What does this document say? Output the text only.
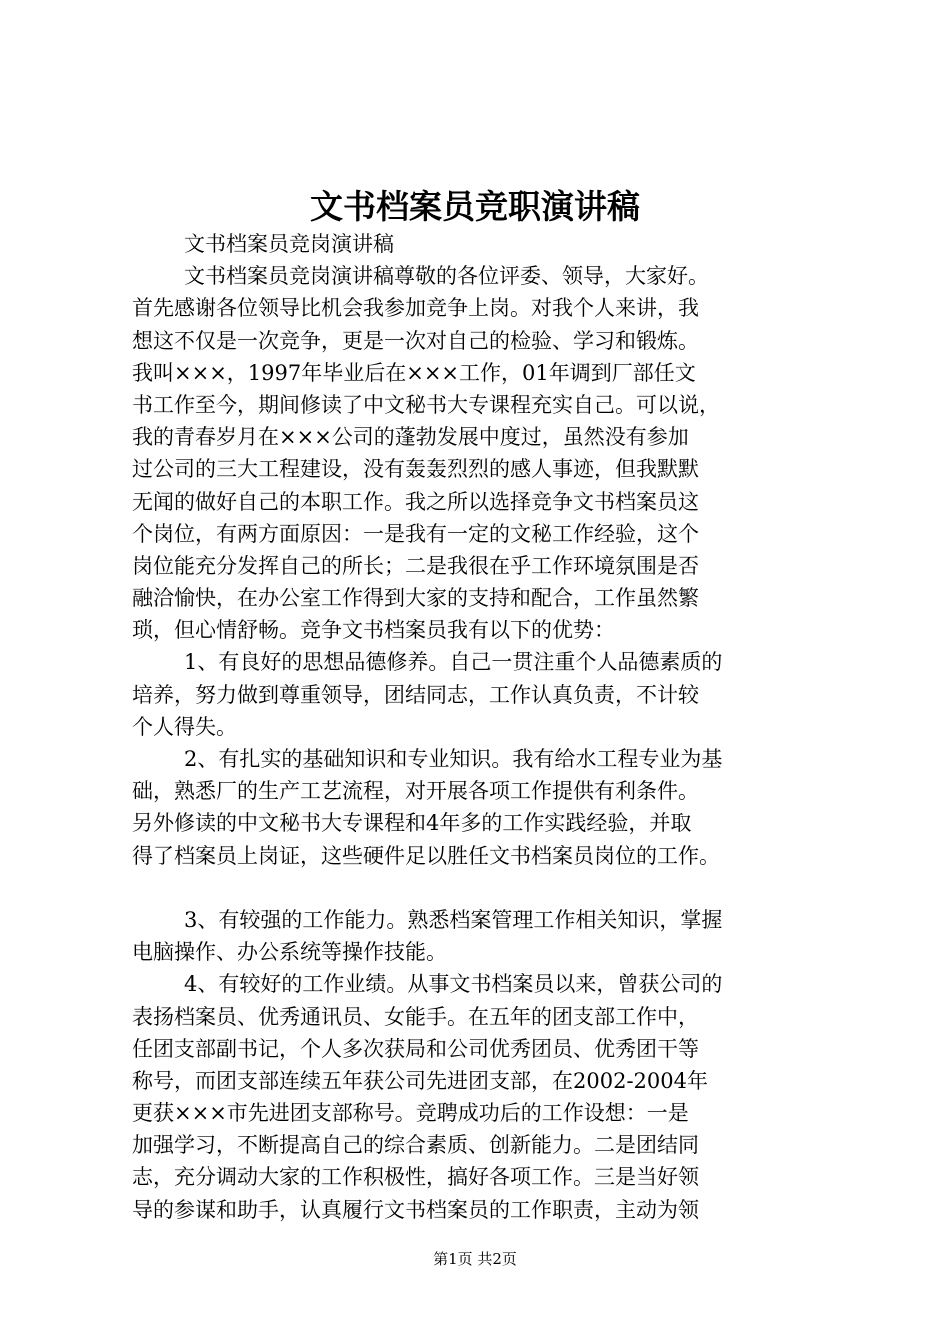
文书档案员竞职演讲稿
文书档案员竞岗演讲稿
文书档案员竞岗演讲稿尊敬的各位评委、领导，大家好。
首先感谢各位领导比机会我参加竞争上岗。对我个人来讲，我
想这不仅是一次竞争，更是一次对自己的检验、学习和锻炼。
我叫×××，1997年毕业后在×××工作，01年调到厂部任文
书工作至今，期间修读了中文秘书大专课程充实自己。可以说，
我的青春岁月在×××公司的蓬勃发展中度过，虽然没有参加
过公司的三大工程建设，没有轰轰烈烈的感人事迹，但我默默
无闻的做好自己的本职工作。我之所以选择竞争文书档案员这
个岗位，有两方面原因：一是我有一定的文秘工作经验，这个
岗位能充分发挥自己的所长；二是我很在乎工作环境氛围是否
融洽愉快，在办公室工作得到大家的支持和配合，工作虽然繁
琐，但心情舒畅。竞争文书档案员我有以下的优势：
1、有良好的思想品德修养。自己一贯注重个人品德素质的
培养，努力做到尊重领导，团结同志，工作认真负责，不计较
个人得失。
2、有扎实的基础知识和专业知识。我有给水工程专业为基
础，熟悉厂的生产工艺流程，对开展各项工作提供有利条件。
另外修读的中文秘书大专课程和4年多的工作实践经验，并取
得了档案员上岗证，这些硬件足以胜任文书档案员岗位的工作。
3、有较强的工作能力。熟悉档案管理工作相关知识，掌握
电脑操作、办公系统等操作技能。
4、有较好的工作业绩。从事文书档案员以来，曾获公司的
表扬档案员、优秀通讯员、女能手。在五年的团支部工作中，
任团支部副书记，个人多次获局和公司优秀团员、优秀团干等
称号，而团支部连续五年获公司先进团支部，在2002-2004年
更获×××市先进团支部称号。竞聘成功后的工作设想：一是
加强学习，不断提高自己的综合素质、创新能力。二是团结同
志，充分调动大家的工作积极性，搞好各项工作。三是当好领
导的参谋和助手，认真履行文书档案员的工作职责，主动为领
第1页 共2页
